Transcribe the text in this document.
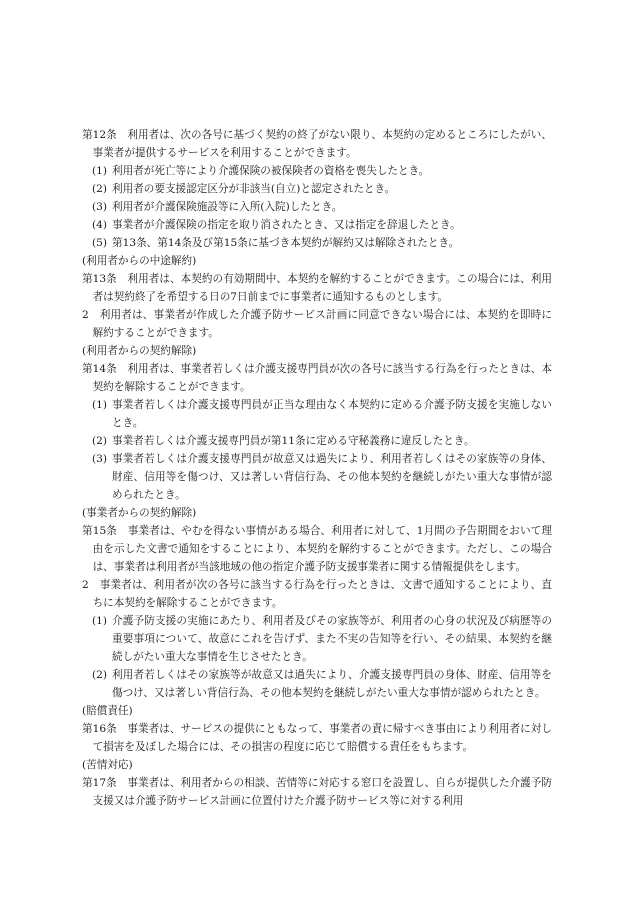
第12条　利用者は、次の各号に基づく契約の終了がない限り、本契約の定めるところにしたがい、事業者が提供するサービスを利用することができます。

(1) 利用者が死亡等により介護保険の被保険者の資格を喪失したとき。
(2) 利用者の要支援認定区分が非該当(自立)と認定されたとき。
(3) 利用者が介護保険施設等に入所(入院)したとき。
(4) 事業者が介護保険の指定を取り消されたとき、又は指定を辞退したとき。
(5) 第13条、第14条及び第15条に基づき本契約が解約又は解除されたとき。

(利用者からの中途解約)

第13条　利用者は、本契約の有効期間中、本契約を解約することができます。この場合には、利用者は契約終了を希望する日の7日前までに事業者に通知するものとします。

2　利用者は、事業者が作成した介護予防サービス計画に同意できない場合には、本契約を即時に解約することができます。

(利用者からの契約解除)

第14条　利用者は、事業者若しくは介護支援専門員が次の各号に該当する行為を行ったときは、本契約を解除することができます。

(1) 事業者若しくは介護支援専門員が正当な理由なく本契約に定める介護予防支援を実施しないとき。
(2) 事業者若しくは介護支援専門員が第11条に定める守秘義務に違反したとき。
(3) 事業者若しくは介護支援専門員が故意又は過失により、利用者若しくはその家族等の身体、財産、信用等を傷つけ、又は著しい背信行為、その他本契約を継続しがたい重大な事情が認められたとき。

(事業者からの契約解除)

第15条　事業者は、やむを得ない事情がある場合、利用者に対して、1月間の予告期間をおいて理由を示した文書で通知をすることにより、本契約を解約することができます。ただし、この場合は、事業者は利用者が当該地域の他の指定介護予防支援事業者に関する情報提供をします。

2　事業者は、利用者が次の各号に該当する行為を行ったときは、文書で通知することにより、直ちに本契約を解除することができます。

(1) 介護予防支援の実施にあたり、利用者及びその家族等が、利用者の心身の状況及び病歴等の重要事項について、故意にこれを告げず、また不実の告知等を行い、その結果、本契約を継続しがたい重大な事情を生じさせたとき。
(2) 利用者若しくはその家族等が故意又は過失により、介護支援専門員の身体、財産、信用等を傷つけ、又は著しい背信行為、その他本契約を継続しがたい重大な事情が認められたとき。

(賠償責任)

第16条　事業者は、サービスの提供にともなって、事業者の責に帰すべき事由により利用者に対して損害を及ぼした場合には、その損害の程度に応じて賠償する責任をもちます。

(苦情対応)

第17条　事業者は、利用者からの相談、苦情等に対応する窓口を設置し、自らが提供した介護予防支援又は介護予防サービス計画に位置付けた介護予防サービス等に対する利用
